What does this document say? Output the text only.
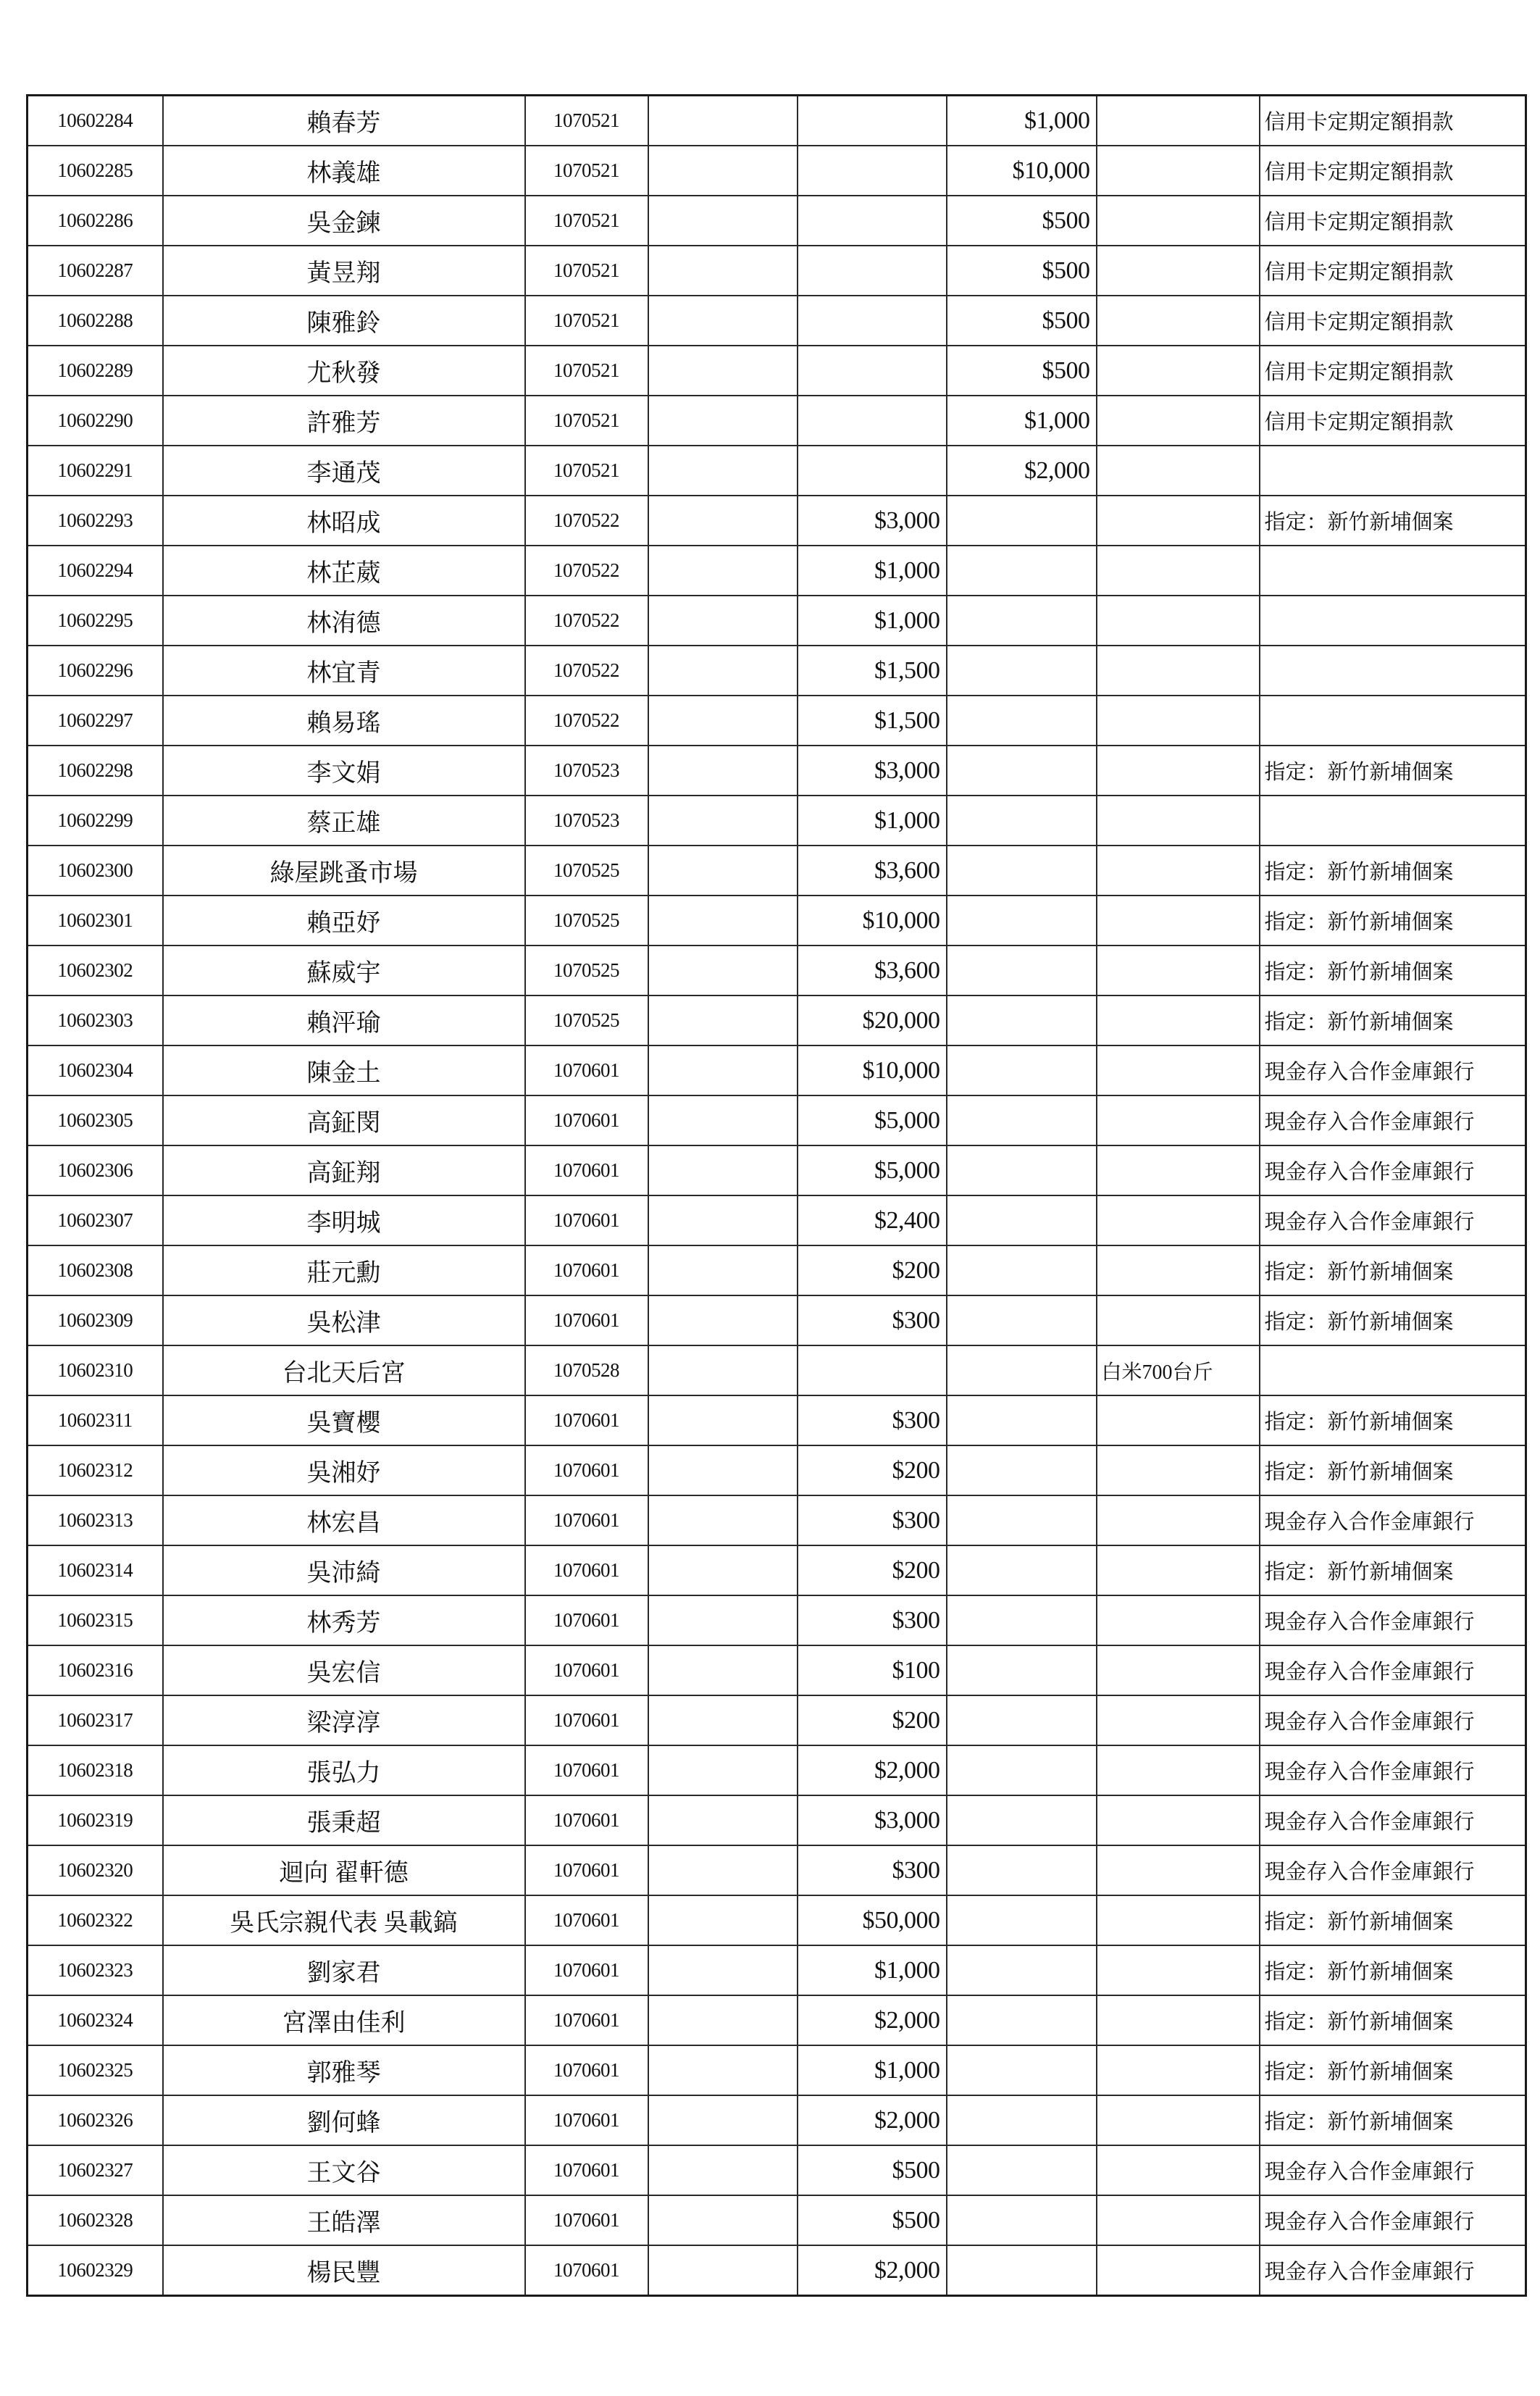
10602284	賴春芳	1070521			$1,000		信用卡定期定額捐款
10602285	林義雄	1070521			$10,000		信用卡定期定額捐款
10602286	吳金鍊	1070521			$500		信用卡定期定額捐款
10602287	黃昱翔	1070521			$500		信用卡定期定額捐款
10602288	陳雅鈴	1070521			$500		信用卡定期定額捐款
10602289	尤秋發	1070521			$500		信用卡定期定額捐款
10602290	許雅芳	1070521			$1,000		信用卡定期定額捐款
10602291	李通茂	1070521			$2,000		
10602293	林昭成	1070522		$3,000			指定：新竹新埔個案
10602294	林芷葳	1070522		$1,000			
10602295	林洧德	1070522		$1,000			
10602296	林宜青	1070522		$1,500			
10602297	賴易瑤	1070522		$1,500			
10602298	李文娟	1070523		$3,000			指定：新竹新埔個案
10602299	蔡正雄	1070523		$1,000			
10602300	綠屋跳蚤市場	1070525		$3,600			指定：新竹新埔個案
10602301	賴亞妤	1070525		$10,000			指定：新竹新埔個案
10602302	蘇威宇	1070525		$3,600			指定：新竹新埔個案
10602303	賴泙瑜	1070525		$20,000			指定：新竹新埔個案
10602304	陳金土	1070601		$10,000			現金存入合作金庫銀行
10602305	高鉦閔	1070601		$5,000			現金存入合作金庫銀行
10602306	高鉦翔	1070601		$5,000			現金存入合作金庫銀行
10602307	李明城	1070601		$2,400			現金存入合作金庫銀行
10602308	莊元勳	1070601		$200			指定：新竹新埔個案
10602309	吳松津	1070601		$300			指定：新竹新埔個案
10602310	台北天后宮	1070528				白米700台斤	
10602311	吳寶櫻	1070601		$300			指定：新竹新埔個案
10602312	吳湘妤	1070601		$200			指定：新竹新埔個案
10602313	林宏昌	1070601		$300			現金存入合作金庫銀行
10602314	吳沛綺	1070601		$200			指定：新竹新埔個案
10602315	林秀芳	1070601		$300			現金存入合作金庫銀行
10602316	吳宏信	1070601		$100			現金存入合作金庫銀行
10602317	梁淳淳	1070601		$200			現金存入合作金庫銀行
10602318	張弘力	1070601		$2,000			現金存入合作金庫銀行
10602319	張秉超	1070601		$3,000			現金存入合作金庫銀行
10602320	迴向 翟軒德	1070601		$300			現金存入合作金庫銀行
10602322	吳氏宗親代表 吳載鎬	1070601		$50,000			指定：新竹新埔個案
10602323	劉家君	1070601		$1,000			指定：新竹新埔個案
10602324	宮澤由佳利	1070601		$2,000			指定：新竹新埔個案
10602325	郭雅琴	1070601		$1,000			指定：新竹新埔個案
10602326	劉何蜂	1070601		$2,000			指定：新竹新埔個案
10602327	王文谷	1070601		$500			現金存入合作金庫銀行
10602328	王皓澤	1070601		$500			現金存入合作金庫銀行
10602329	楊民豐	1070601		$2,000			現金存入合作金庫銀行
